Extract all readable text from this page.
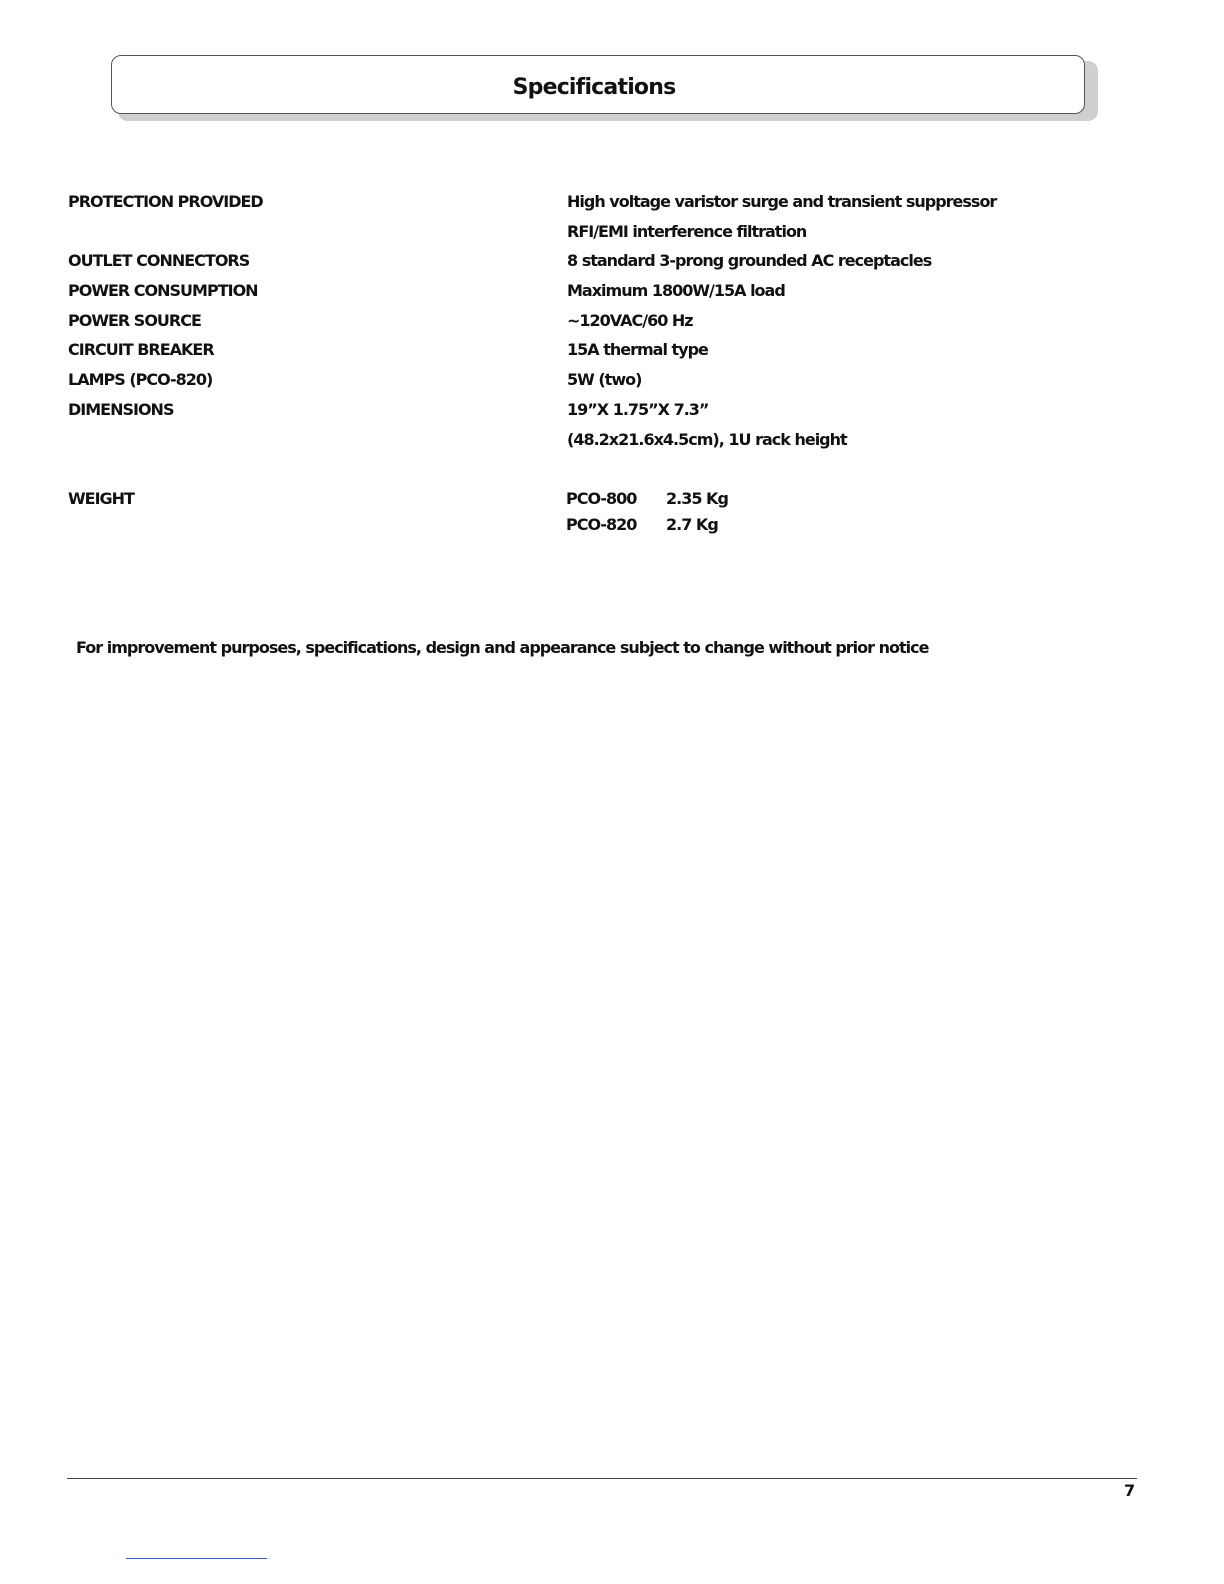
Specifications
PROTECTION PROVIDED	High voltage varistor surge and transient suppressor
RFI/EMI interference filtration
OUTLET CONNECTORS	8 standard 3-prong grounded AC receptacles
POWER CONSUMPTION	Maximum 1800W/15A load
POWER SOURCE	~120VAC/60 Hz
CIRCUIT BREAKER	15A thermal type
LAMPS (PCO-820)	5W (two)
DIMENSIONS	19”X 1.75”X 7.3”
(48.2x21.6x4.5cm), 1U rack height
WEIGHT	PCO-800 2.35 Kg
PCO-820 2.7 Kg
For improvement purposes, specifications, design and appearance subject to change without prior notice
7
